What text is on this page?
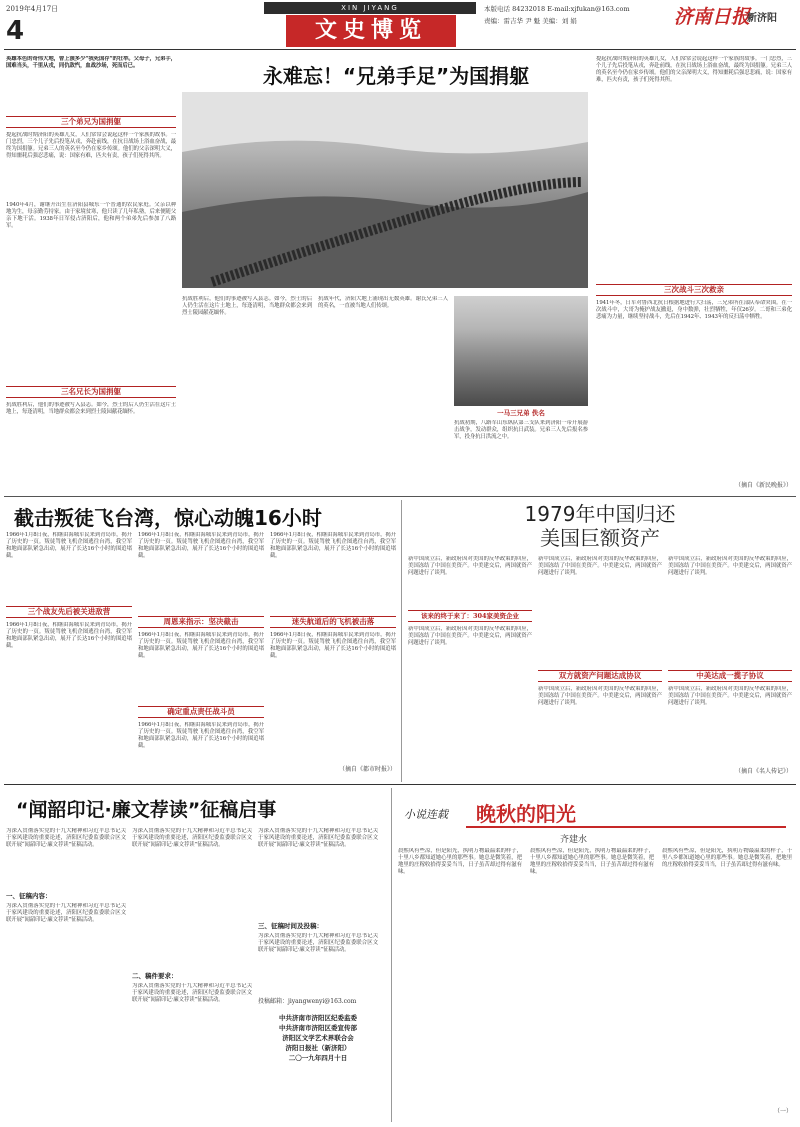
2019年4月17日
4
XIN JIYANG
文史博览
本版电话 84232018 E-mail:xjfukan@163.com
责编：雷吉华 尹 魁 美编：刘 娟	济南日报
新济阳
永难忘！“兄弟手足”为国捐躯
英雄本色的奇伟大地，曾上演多少“我死国存”的壮举。父母子，兄弟手，国难当头，千里从戎，同仇敌忾，血战沙场，死而后已。
三个弟兄为国捐躯
提起抗战时期济阳的英雄儿女，人们常常会说起这样一个家族的故事。一门忠烈，三个儿子先后投笔从戎，奔赴前线，在抗日战场上浴血奋战，最终为国捐躯。兄弟三人的英名至今仍在家乡传颂。他们的父亲深明大义，得知噩耗后强忍悲痛，说：国家有难，匹夫有责，孩子们死得其所。
1940年4月，谢继升出生在济阳县城东一个普通的农民家庭。父亲以种地为生，母亲勤劳持家。由于家境贫寒，他只读了几年私塾，后来便随父亲下地干活。1938年日军侵占济阳后，他和两个弟弟先后参加了八路军。
三名兄长为国捐躯
抗战胜利后，他们的事迹被写入县志。如今，烈士的后人仍生活在这片土地上，每逢清明，当地群众都会来到烈士陵园献花缅怀。
抗战胜利后，他们的事迹被写入县志。如今，烈士的后人仍生活在这片土地上，每逢清明，当地群众都会来到烈士陵园献花缅怀。
抗战年代，济阳大地上涌现出无数英雄。谢氏兄弟三人的英名，一直被当地人们传颂。
一马三兄弟 佚名
抗战初期，八路军山东纵队第三支队来到济阳一带开展游击战争，发动群众，组织抗日武装。兄弟三人先后报名参军，投身抗日洪流之中。
提起抗战时期济阳的英雄儿女，人们常常会说起这样一个家族的故事。一门忠烈，三个儿子先后投笔从戎，奔赴前线，在抗日战场上浴血奋战，最终为国捐躯。兄弟三人的英名至今仍在家乡传颂。他们的父亲深明大义，得知噩耗后强忍悲痛，说：国家有难，匹夫有责，孩子们死得其所。
三次战斗三次救亲
1941年冬，日军对鲁西北抗日根据地进行大扫荡，三兄弟所在部队奉命突围。在一次战斗中，大哥为掩护战友撤退，身中数弹，壮烈牺牲，年仅26岁。二哥和三弟化悲痛为力量，继续坚持战斗，先后在1942年、1943年的反扫荡中牺牲。
（摘自《新民晚报》）
截击叛徒飞台湾，惊心动魄16小时
1966年1月8日夜，相继由海城军民来到青岛市，揭开了历史的一页。叛徒驾驶飞机企图逃往台湾，我空军和地面部队紧急出动，展开了长达16个小时的围追堵截。
三个战友先后被关进敌营
1966年1月8日夜，相继由海城军民来到青岛市，揭开了历史的一页。叛徒驾驶飞机企图逃往台湾，我空军和地面部队紧急出动，展开了长达16个小时的围追堵截。
1966年1月8日夜，相继由海城军民来到青岛市，揭开了历史的一页。叛徒驾驶飞机企图逃往台湾，我空军和地面部队紧急出动，展开了长达16个小时的围追堵截。
周恩来指示：坚决截击
1966年1月8日夜，相继由海城军民来到青岛市，揭开了历史的一页。叛徒驾驶飞机企图逃往台湾，我空军和地面部队紧急出动，展开了长达16个小时的围追堵截。
确定重点责任战斗员
1966年1月8日夜，相继由海城军民来到青岛市，揭开了历史的一页。叛徒驾驶飞机企图逃往台湾，我空军和地面部队紧急出动，展开了长达16个小时的围追堵截。
1966年1月8日夜，相继由海城军民来到青岛市，揭开了历史的一页。叛徒驾驶飞机企图逃往台湾，我空军和地面部队紧急出动，展开了长达16个小时的围追堵截。
迷失航道后的飞机被击落
1966年1月8日夜，相继由海城军民来到青岛市，揭开了历史的一页。叛徒驾驶飞机企图逃往台湾，我空军和地面部队紧急出动，展开了长达16个小时的围追堵截。
（摘自《都市时报》）
1979年中国归还
美国巨额资产
新中国成立后，新政府因对美国的反华政策的回应，美国冻结了中国在美资产。中美建交后，两国就资产问题进行了谈判。
该来的终于来了：304家美资企业
新中国成立后，新政府因对美国的反华政策的回应，美国冻结了中国在美资产。中美建交后，两国就资产问题进行了谈判。
新中国成立后，新政府因对美国的反华政策的回应，美国冻结了中国在美资产。中美建交后，两国就资产问题进行了谈判。
双方就资产问题达成协议
新中国成立后，新政府因对美国的反华政策的回应，美国冻结了中国在美资产。中美建交后，两国就资产问题进行了谈判。
新中国成立后，新政府因对美国的反华政策的回应，美国冻结了中国在美资产。中美建交后，两国就资产问题进行了谈判。
中美达成一揽子协议
新中国成立后，新政府因对美国的反华政策的回应，美国冻结了中国在美资产。中美建交后，两国就资产问题进行了谈判。
（摘自《名人传记》）
“闻韶印记·廉文荐读”征稿启事
为深入贯彻落实党的十九大精神和习近平总书记关于家风建设的重要论述，济阳区纪委监委联合区文联开展“闻韶印记·廉文荐读”征稿活动。
一、征稿内容：
为深入贯彻落实党的十九大精神和习近平总书记关于家风建设的重要论述，济阳区纪委监委联合区文联开展“闻韶印记·廉文荐读”征稿活动。
为深入贯彻落实党的十九大精神和习近平总书记关于家风建设的重要论述，济阳区纪委监委联合区文联开展“闻韶印记·廉文荐读”征稿活动。
二、稿件要求：
为深入贯彻落实党的十九大精神和习近平总书记关于家风建设的重要论述，济阳区纪委监委联合区文联开展“闻韶印记·廉文荐读”征稿活动。
为深入贯彻落实党的十九大精神和习近平总书记关于家风建设的重要论述，济阳区纪委监委联合区文联开展“闻韶印记·廉文荐读”征稿活动。
三、征稿时间及投稿：
为深入贯彻落实党的十九大精神和习近平总书记关于家风建设的重要论述，济阳区纪委监委联合区文联开展“闻韶印记·廉文荐读”征稿活动。
投稿邮箱：jiyangwenyi@163.com
中共济南市济阳区纪委监委
中共济南市济阳区委宣传部
济阳区文学艺术界联合会
济阳日报社（新济阳）
二〇一九年四月十日
小说连载	晚秋的阳光
齐建水
晨熙风有些凉，但是阳光，执明万物最温柔的样子，十里八乡都知道她心里的那些事。她总是微笑着，把地里的庄稼收拾得妥妥当当，日子虽苦却过得有滋有味。
晨熙风有些凉，但是阳光，执明万物最温柔的样子，十里八乡都知道她心里的那些事。她总是微笑着，把地里的庄稼收拾得妥妥当当，日子虽苦却过得有滋有味。
晨熙风有些凉，但是阳光，执明万物最温柔的样子，十里八乡都知道她心里的那些事。她总是微笑着，把地里的庄稼收拾得妥妥当当，日子虽苦却过得有滋有味。
（一）
